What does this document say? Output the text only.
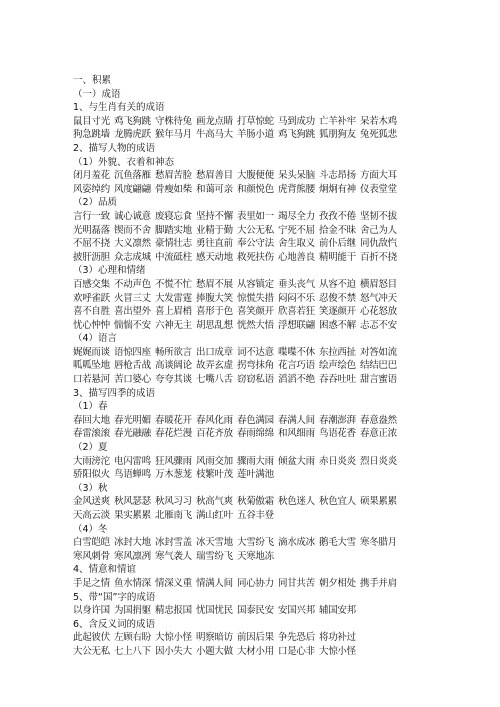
一、积累
（一）成语
1、与生肖有关的成语
鼠目寸光 鸡飞狗跳 守株待兔 画龙点睛 打草惊蛇 马到成功 亡羊补牢 呆若木鸡
狗急跳墙 龙腾虎跃 猴年马月 牛高马大 羊肠小道 鸡飞狗跳 狐朋狗友 兔死狐悲
2、描写人物的成语
（1）外貌、衣着和神态
闭月羞花 沉鱼落雁 愁眉苦脸 愁眉善目 大腹便便 呆头呆脑 斗志昂扬 方面大耳
风姿绰约 风度翩翩 骨瘦如柴 和蔼可亲 和颜悦色 虎背熊腰 炯炯有神 仪表堂堂
（2）品质
言行一致 诚心诚意 废寝忘食 坚持不懈 表里如一 竭尽全力 孜孜不倦 坚韧不拔
光明磊落 锲而不舍 脚踏实地 业精于勤 大公无私 宁死不屈 拾金不昧 舍己为人
不屈不挠 大义凛然 豪情壮志 勇往直前 奉公守法 舍生取义 前仆后继 同仇敌忾
披肝沥胆 众志成城 中流砥柱 感天动地 救死扶伤 心地善良 精明能干 百折不挠
（3）心理和情绪
百感交集 不动声色 不慌不忙 愁眉不展 从容镇定 垂头丧气 从容不迫 横眉怒目
欢呼雀跃 火冒三丈 大发雷霆 捧腹大笑 惊慌失措 闷闷不乐 忍俊不禁 怒气冲天
喜不自胜 喜出望外 喜上眉梢 喜形于色 喜笑颜开 欣喜若狂 笑逐颜开 心花怒放
忧心忡忡 惴惴不安 六神无主 胡思乱想 恍然大悟 浮想联翩 困惑不解 忐忑不安
（4）语言
娓娓而谈 语惊四座 畅所欲言 出口成章 词不达意 喋喋不休 东拉西扯 对答如流
呱呱坠地 唇枪舌战 高谈阔论 故弄玄虚 拐弯抹角 花言巧语 绘声绘色 结结巴巴
口若悬河 苦口婆心 夸夸其谈 七嘴八舌 窃窃私语 滔滔不绝 吞吞吐吐 甜言蜜语
3、描写四季的成语
（1）春
春回大地 春光明媚 春暖花开 春风化雨 春色满园 春满人间 春潮澎湃 春意盎然
春雷滚滚 春光融融 春花烂漫 百花齐放 春雨绵绵 和风细雨 鸟语花香 春意正浓
（2）夏
大雨滂沱 电闪雷鸣 狂风骤雨 风雨交加 骤雨大雨 倾盆大雨 赤日炎炎 烈日炎炎
骄阳似火 鸟语蝉鸣 万木葱茏 枝繁叶茂 莲叶满池
（3）秋
金风送爽 秋风瑟瑟 秋风习习 秋高气爽 秋菊傲霜 秋色迷人 秋色宜人 硕果累累
天高云淡 果实累累 北雁南飞 满山红叶 五谷丰登
（4）冬
白雪皑皑 冰封大地 冰封雪盖 冰天雪地 大雪纷飞 滴水成冰 鹅毛大雪 寒冬腊月
寒风刺骨 寒风凛冽 寒气袭人 瑞雪纷飞 天寒地冻
4、情意和情谊
手足之情 鱼水情深 情深义重 情满人间 同心协力 同甘共苦 朝夕相处 携手并肩
5、带“国”字的成语
以身许国 为国捐躯 精忠报国 忧国忧民 国泰民安 安国兴邦 辅国安邦
6、含反义词的成语
此起彼伏 左顾右盼 大惊小怪 明察暗访 前因后果 争先恐后 将功补过
大公无私 七上八下 因小失大 小题大做 大材小用 口是心非 大惊小怪
